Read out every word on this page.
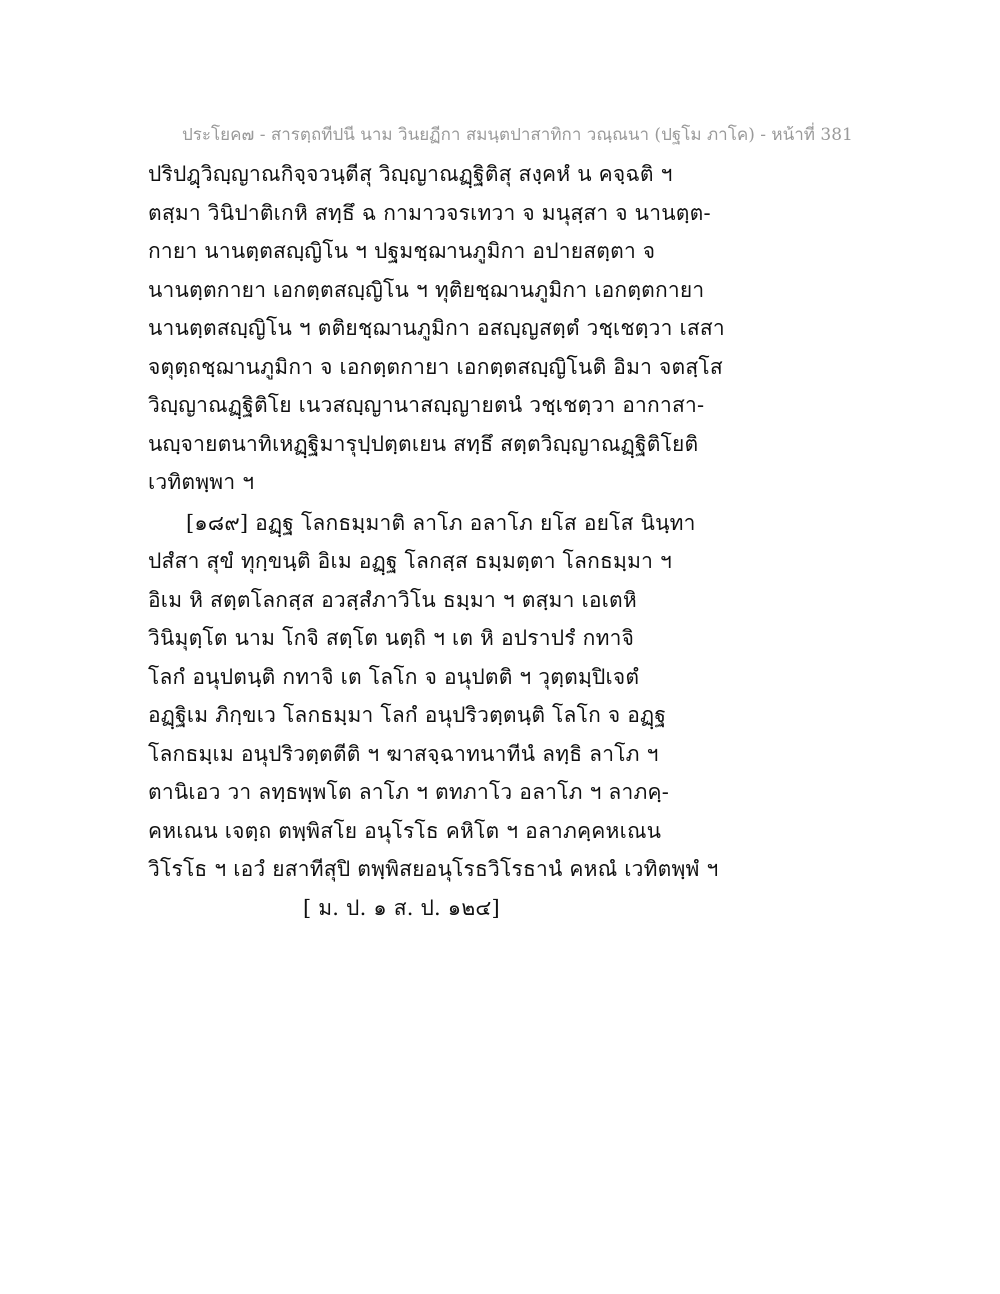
ประโยค๗ - สารตฺถทีปนี นาม วินยฏีกา สมนฺตปาสาทิกา วณฺณนา (ปฐโม ภาโค) - หน้าที่ 381
ปริปฎฺวิญฺญาณกิจฺจวนฺตีสุ วิญฺญาณฏฺฐิติสุ สงฺคหํ น คจฺฉติ ฯ
ตสฺมา วินิปาติเกหิ สทฺธึ ฉ กามาวจรเทวา จ มนุสฺสา จ นานตฺต-
กายา นานตฺตสญฺญิโน ฯ ปฐมชฺฌานภูมิกา อปายสตฺตา จ
นานตฺตกายา เอกตฺตสญฺญิโน ฯ ทุติยชฺฌานภูมิกา เอกตฺตกายา
นานตฺตสญฺญิโน ฯ ตติยชฺฌานภูมิกา อสญฺญสตฺตํ วชฺเชตฺวา เสสา
จตุตฺถชฺฌานภูมิกา จ เอกตฺตกายา เอกตฺตสญฺญิโนติ อิมา จตสฺโส
วิญฺญาณฏฺฐิติโย เนวสญฺญานาสญฺญายตนํ วชฺเชตฺวา อากาสา-
นญฺจายตนาทิเหฏฺฐิมารุปฺปตฺตเยน สทฺธึ สตฺตวิญฺญาณฏฺฐิติโยติ
เวทิตพฺพา ฯ
[๑๘๙] อฏฺฐ โลกธมฺมาติ ลาโภ อลาโภ ยโส อยโส นินฺทา
ปสํสา สุขํ ทุกฺขนฺติ อิเม อฏฺฐ โลกสฺส ธมฺมตฺตา โลกธมฺมา ฯ
อิเม หิ สตฺตโลกสฺส อวสฺสํภาวิโน ธมฺมา ฯ ตสฺมา เอเตหิ
วินิมุตฺโต นาม โกจิ สตฺโต นตฺถิ ฯ เต หิ อปราปรํ กทาจิ
โลกํ อนุปตนฺติ กทาจิ เต โลโก จ อนุปตติ ฯ วุตฺตมฺปิเจตํ
อฏฺฐิเม ภิกฺขเว โลกธมฺมา โลกํ อนุปริวตฺตนฺติ โลโก จ อฏฺฐ
โลกธมฺเม อนุปริวตฺตตีติ ฯ ฆาสจฺฉาทนาทีนํ ลทฺธิ ลาโภ ฯ
ตานิเอว วา ลทฺธพฺพโต ลาโภ ฯ ตทภาโว อลาโภ ฯ ลาภคฺ-
คหเณน เจตฺถ ตพฺพิสโย อนุโรโธ คหิโต ฯ อลาภคฺคหเณน
วิโรโธ ฯ เอวํ ยสาทีสุปิ ตพฺพิสยอนุโรธวิโรธานํ คหณํ เวทิตพฺพํ ฯ
[ ม. ป. ๑ ส. ป. ๑๒๔]
